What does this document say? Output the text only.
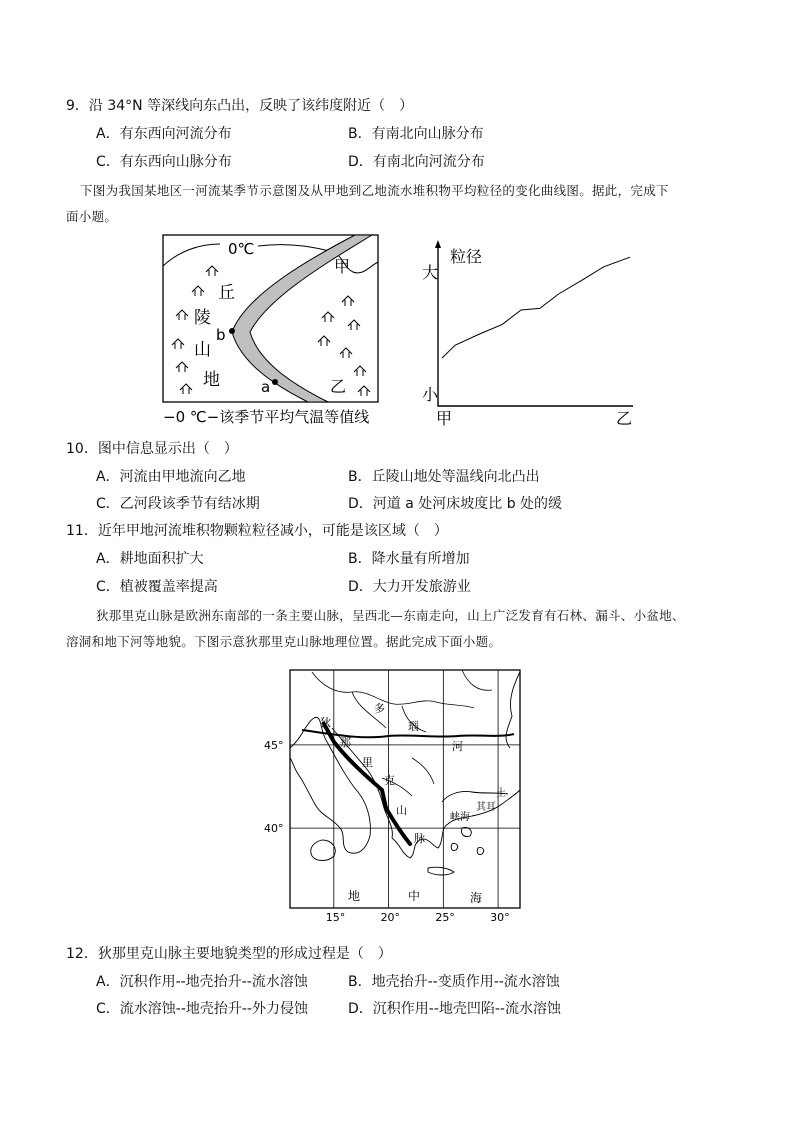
9．沿 34°N 等深线向东凸出，反映了该纬度附近（　）
A．有东西向河流分布	B．有南北向山脉分布
C．有东西向山脉分布	D．有南北向河流分布
下图为我国某地区一河流某季节示意图及从甲地到乙地流水堆积物平均粒径的变化曲线图。据此，完成下
面小题。
0℃
b
a
甲
乙
丘
陵
山
地
−0 ℃−该季节平均气温等值线
粒径
大
小
甲	乙
10．图中信息显示出（　）
A．河流由甲地流向乙地	B．丘陵山地处等温线向北凸出
C．乙河段该季节有结冰期	D．河道 a 处河床坡度比 b 处的缓
11．近年甲地河流堆积物颗粒粒径减小，可能是该区域（　）
A．耕地面积扩大	B．降水量有所增加
C．植被覆盖率提高	D．大力开发旅游业
狄那里克山脉是欧洲东南部的一条主要山脉，呈西北—东南走向，山上广泛发育有石林、漏斗、小盆地、
溶洞和地下河等地貌。下图示意狄那里克山脉地理位置。据此完成下面小题。
狄
那
里
克
山
脉
多
瑙
河
峡海
土
其耳
地	中	海
45°
40°
15°	20°	25°	30°
12．狄那里克山脉主要地貌类型的形成过程是（　）
A．沉积作用--地壳抬升--流水溶蚀	B．地壳抬升--变质作用--流水溶蚀
C．流水溶蚀--地壳抬升--外力侵蚀	D．沉积作用--地壳凹陷--流水溶蚀
